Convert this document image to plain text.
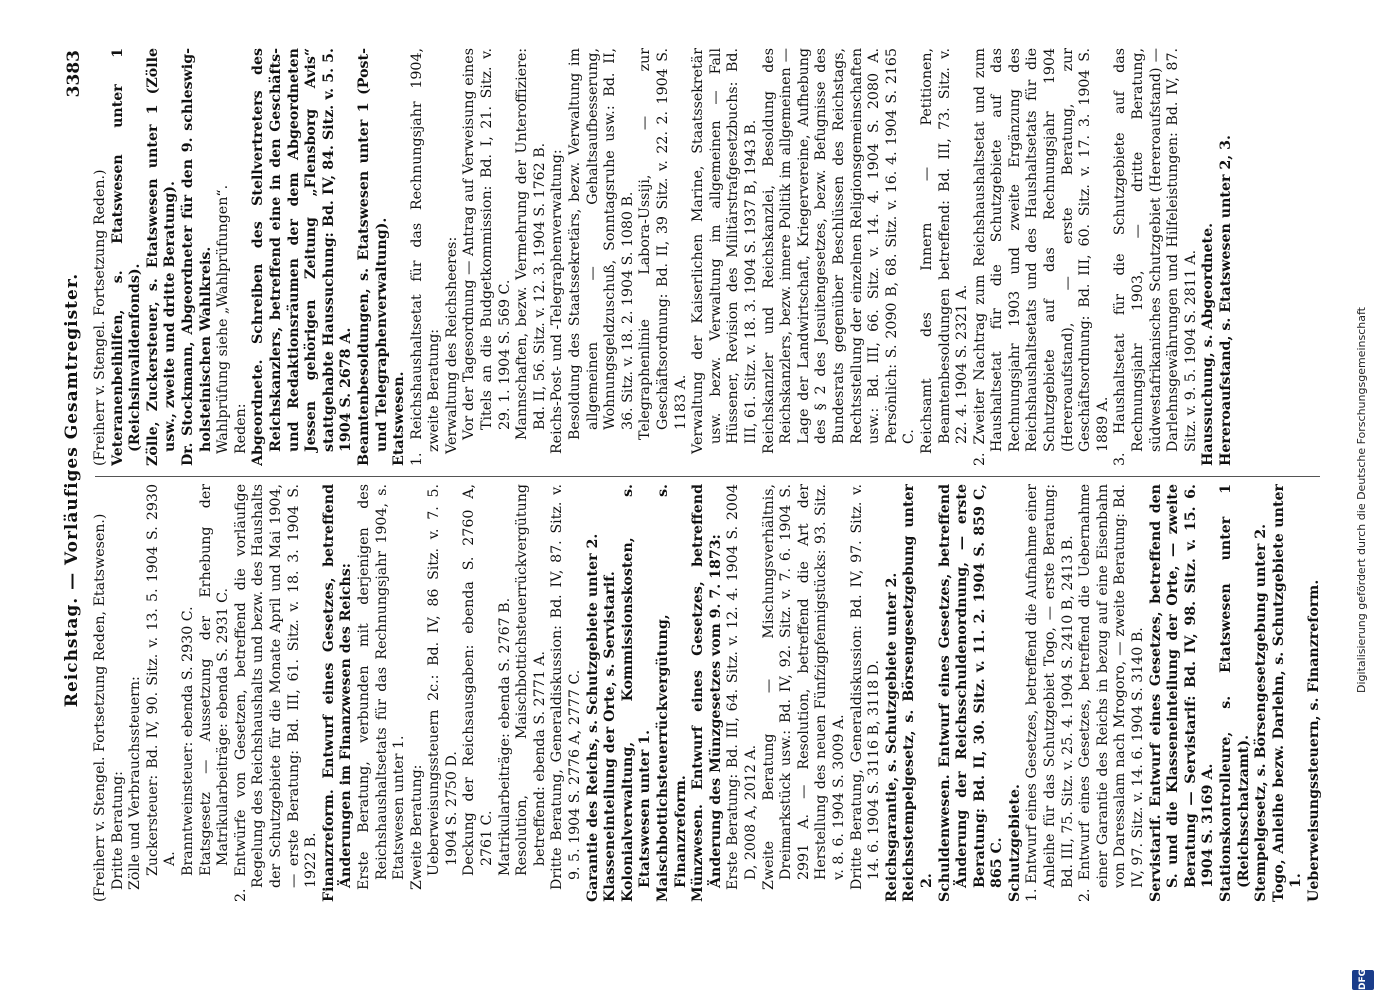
Reichstag. — Vorläufiges Gesamtregister.
3383

(Freiherr v. Stengel. Fortsetzung Reden, Etatswesen.) Dritte Beratung: Zölle und Verbrauchssteuern: Zuckersteuer: Bd. IV, 90. Sitz. v. 13. 5. 1904 S. 2930 A. Branntweinsteuer: ebenda S. 2930 C. Etatsgesetz — Aussetzung der Erhebung der Matrikularbeiträge: ebenda S. 2931 C. 2. Entwürfe von Gesetzen, betreffend die vorläufige Regelung des Reichshaushalts und bezw. des Haushalts der Schutzgebiete für die Monate April und Mai 1904, — erste Beratung: Bd. III, 61. Sitz. v. 18. 3. 1904 S. 1922 B. Finanzreform. Entwurf eines Gesetzes, betreffend Änderungen im Finanzwesen des Reichs: Erste Beratung, verbunden mit derjenigen des Reichshaushaltsetats für das Rechnungsjahr 1904, s. Etatswesen unter 1. Zweite Beratung: Ueberweisungssteuern 2c.: Bd. IV, 86 Sitz. v. 7. 5. 1904 S. 2750 D. Deckung der Reichsausgaben: ebenda S. 2760 A, 2761 C. Matrikularbeiträge: ebenda S. 2767 B. Resolution, Maischbottichsteuerrückvergütung betreffend: ebenda S. 2771 A. Dritte Beratung, Generaldiskussion: Bd. IV, 87. Sitz. v. 9. 5. 1904 S. 2776 A, 2777 C. Garantie des Reichs, s. Schutzgebiete unter 2. Klasseneinteilung der Orte, s. Servistarif. Kolonialverwaltung, Kommissionskosten, s. Etatswesen unter 1. Maischbottichsteuerrückvergütung, s. Finanzreform. Münzwesen. Entwurf eines Gesetzes, betreffend Änderung des Münzgesetzes vom 9. 7. 1873: Erste Beratung: Bd. III, 64. Sitz. v. 12. 4. 1904 S. 2004 D, 2008 A, 2012 A. Zweite Beratung — Mischungsverhältnis, Dreimarkstück usw.: Bd. IV, 92. Sitz. v. 7. 6. 1904 S. 2991 A. — Resolution, betreffend die Art der Herstellung des neuen Fünfzigpfennigstücks: 93. Sitz. v. 8. 6. 1904 S. 3009 A. Dritte Beratung, Generaldiskussion: Bd. IV, 97. Sitz. v. 14. 6. 1904 S. 3116 B, 3118 D. Reichsgarantie, s. Schutzgebiete unter 2. Reichsstempelgesetz, s. Börsengesetzgebung unter 2. Schuldenwesen. Entwurf eines Gesetzes, betreffend Änderung der Reichsschuldenordnung, — erste Beratung: Bd. II, 30. Sitz. v. 11. 2. 1904 S. 859 C, 865 C. Schutzgebiete. 1. Entwurf eines Gesetzes, betreffend die Aufnahme einer Anleihe für das Schutzgebiet Togo, — erste Beratung: Bd. III, 75. Sitz. v. 25. 4. 1904 S. 2410 B, 2413 B. 2. Entwurf eines Gesetzes, betreffend die Uebernahme einer Garantie des Reichs in bezug auf eine Eisenbahn von Daressalam nach Mrogoro, — zweite Beratung: Bd. IV, 97. Sitz. v. 14. 6. 1904 S. 3140 B. Servistarif. Entwurf eines Gesetzes, betreffend den S. und die Klasseneinteilung der Orte, — zweite Beratung — Servistarif: Bd. IV, 98. Sitz. v. 15. 6. 1904 S. 3169 A. Stationskontrolleure, s. Etatswesen unter 1 (Reichsschatzamt). Stempelgesetz, s. Börsengesetzgebung unter 2. Togo, Anleihe bezw. Darlehn, s. Schutzgebiete unter 1. Ueberweisungssteuern, s. Finanzreform.

(Freiherr v. Stengel. Fortsetzung Reden.) Veteranenbeihilfen, s. Etatswesen unter 1 (Reichsinvalidenfonds). Zölle, Zuckersteuer, s. Etatswesen unter 1 (Zölle usw., zweite und dritte Beratung). Dr. Stockmann, Abgeordneter für den 9. schleswig-holsteinischen Wahlkreis. Wahlprüfung siehe „Wahlprüfungen“. Reden: Abgeordnete. Schreiben des Stellvertreters des Reichskanzlers, betreffend eine in den Geschäfts- und Redaktionsräumen der dem Abgeordneten Jessen gehörigen Zeitung „Flensborg Avis“ stattgehabte Haussuchung: Bd. IV, 84. Sitz. v. 5. 5. 1904 S. 2678 A. Beamtenbesoldungen, s. Etatswesen unter 1 (Post- und Telegraphenverwaltung). Etatswesen. 1. Reichshaushaltsetat für das Rechnungsjahr 1904, zweite Beratung: Verwaltung des Reichsheeres: Vor der Tagesordnung — Antrag auf Verweisung eines Titels an die Budgetkommission: Bd. I, 21. Sitz. v. 29. 1. 1904 S. 569 C. Mannschaften, bezw. Vermehrung der Unteroffiziere: Bd. II, 56. Sitz. v. 12. 3. 1904 S. 1762 B. Reichs-Post- und -Telegraphenverwaltung: Besoldung des Staatssekretärs, bezw. Verwaltung im allgemeinen — Gehaltsaufbesserung, Wohnungsgeldzuschuß, Sonntagsruhe usw.: Bd. II, 36. Sitz. v. 18. 2. 1904 S. 1080 B. Telegraphenlinie Labora-Ussiji, — zur Geschäftsordnung: Bd. II, 39 Sitz. v. 22. 2. 1904 S. 1183 A. Verwaltung der Kaiserlichen Marine, Staatssekretär usw. bezw. Verwaltung im allgemeinen — Fall Hüssener, Revision des Militärstrafgesetzbuchs: Bd. III, 61. Sitz. v. 18. 3. 1904 S. 1937 B, 1943 B. Reichskanzler und Reichskanzlei, Besoldung des Reichskanzlers, bezw. innere Politik im allgemeinen — Lage der Landwirtschaft, Kriegervereine, Aufhebung des § 2 des Jesuitengesetzes, bezw. Befugnisse des Bundesrats gegenüber Beschlüssen des Reichstags, Rechtsstellung der einzelnen Religionsgemeinschaften usw.: Bd. III, 66. Sitz. v. 14. 4. 1904 S. 2080 A. Persönlich: S. 2090 B, 68. Sitz. v. 16. 4. 1904 S. 2165 C. Reichsamt des Innern — Petitionen, Beamtenbesoldungen betreffend: Bd. III, 73. Sitz. v. 22. 4. 1904 S. 2321 A. 2. Zweiter Nachtrag zum Reichshaushaltsetat und zum Haushaltsetat für die Schutzgebiete auf das Rechnungsjahr 1903 und zweite Ergänzung des Reichshaushaltsetats und des Haushaltsetats für die Schutzgebiete auf das Rechnungsjahr 1904 (Hereroaufstand), — erste Beratung, zur Geschäftsordnung: Bd. III, 60. Sitz. v. 17. 3. 1904 S. 1889 A. 3. Haushaltsetat für die Schutzgebiete auf das Rechnungsjahr 1903, — dritte Beratung, südwestafrikanisches Schutzgebiet (Hereroaufstand) — Darlehnsgewährungen und Hilfeleistungen: Bd. IV, 87. Sitz. v. 9. 5. 1904 S. 2811 A. Haussuchung, s. Abgeordnete. Hereroaufstand, s. Etatswesen unter 2, 3.

DFG
Digitalisierung gefördert durch die Deutsche Forschungsgemeinschaft
